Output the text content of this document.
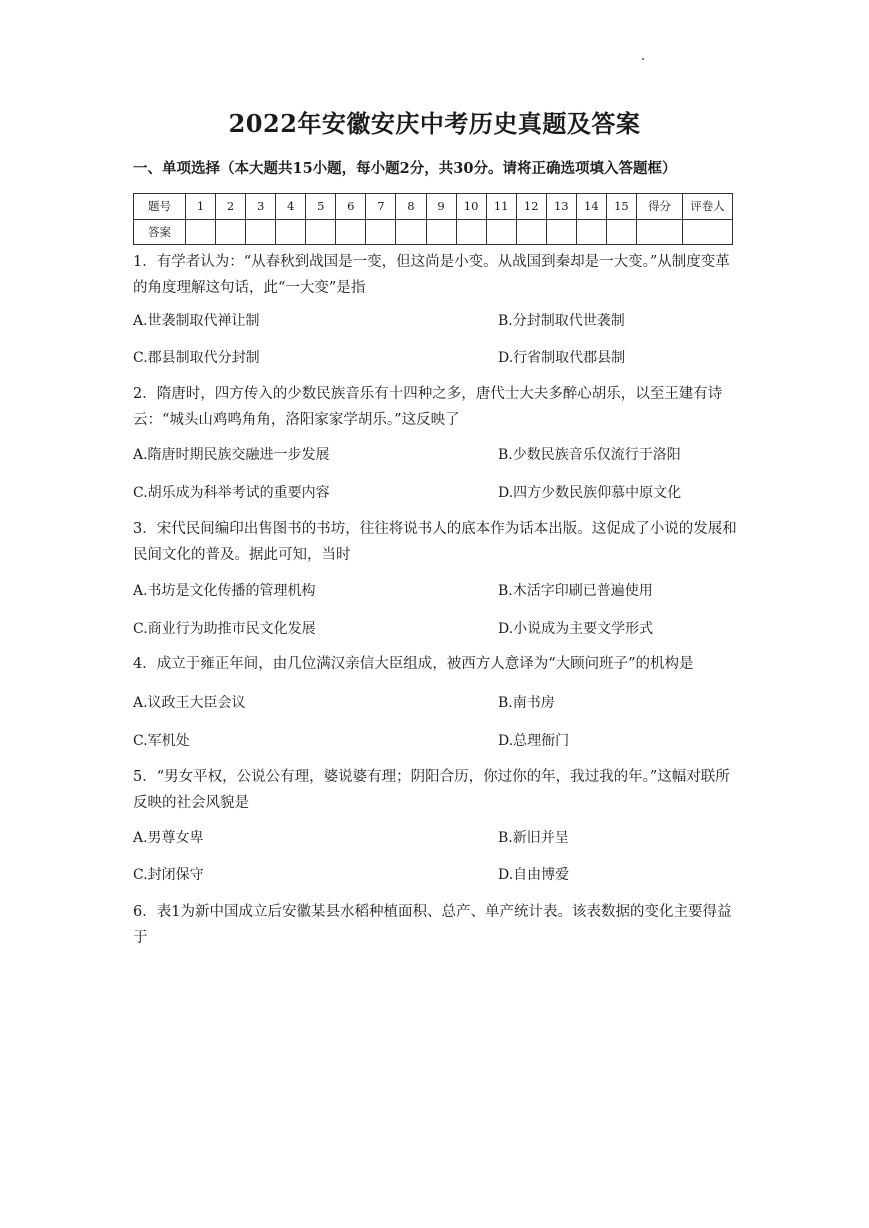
2022年安徽安庆中考历史真题及答案
一、单项选择（本大题共15小题，每小题2分，共30分。请将正确选项填入答题框）
题号	1	2	3	4	5	6	7	8	9	10	11	12	13	14	15	得分	评卷人
答案																	
1．有学者认为：“从春秋到战国是一变，但这尚是小变。从战国到秦却是一大变。”从制度变革的角度理解这句话，此“一大变”是指
A.世袭制取代禅让制	B.分封制取代世袭制
C.郡县制取代分封制	D.行省制取代郡县制
2．隋唐时，四方传入的少数民族音乐有十四种之多，唐代士大夫多醉心胡乐，以至王建有诗云：“城头山鸡鸣角角，洛阳家家学胡乐。”这反映了
A.隋唐时期民族交融进一步发展	B.少数民族音乐仅流行于洛阳
C.胡乐成为科举考试的重要内容	D.四方少数民族仰慕中原文化
3．宋代民间编印出售图书的书坊，往往将说书人的底本作为话本出版。这促成了小说的发展和民间文化的普及。据此可知，当时
A.书坊是文化传播的管理机构	B.木活字印刷已普遍使用
C.商业行为助推市民文化发展	D.小说成为主要文学形式
4．成立于雍正年间，由几位满汉亲信大臣组成，被西方人意译为“大顾问班子”的机构是
A.议政王大臣会议	B.南书房
C.军机处	D.总理衙门
5．“男女平权，公说公有理，婆说婆有理；阴阳合历，你过你的年，我过我的年。”这幅对联所反映的社会风貌是
A.男尊女卑	B.新旧并呈
C.封闭保守	D.自由博爱
6．表1为新中国成立后安徽某县水稻种植面积、总产、单产统计表。该表数据的变化主要得益于
